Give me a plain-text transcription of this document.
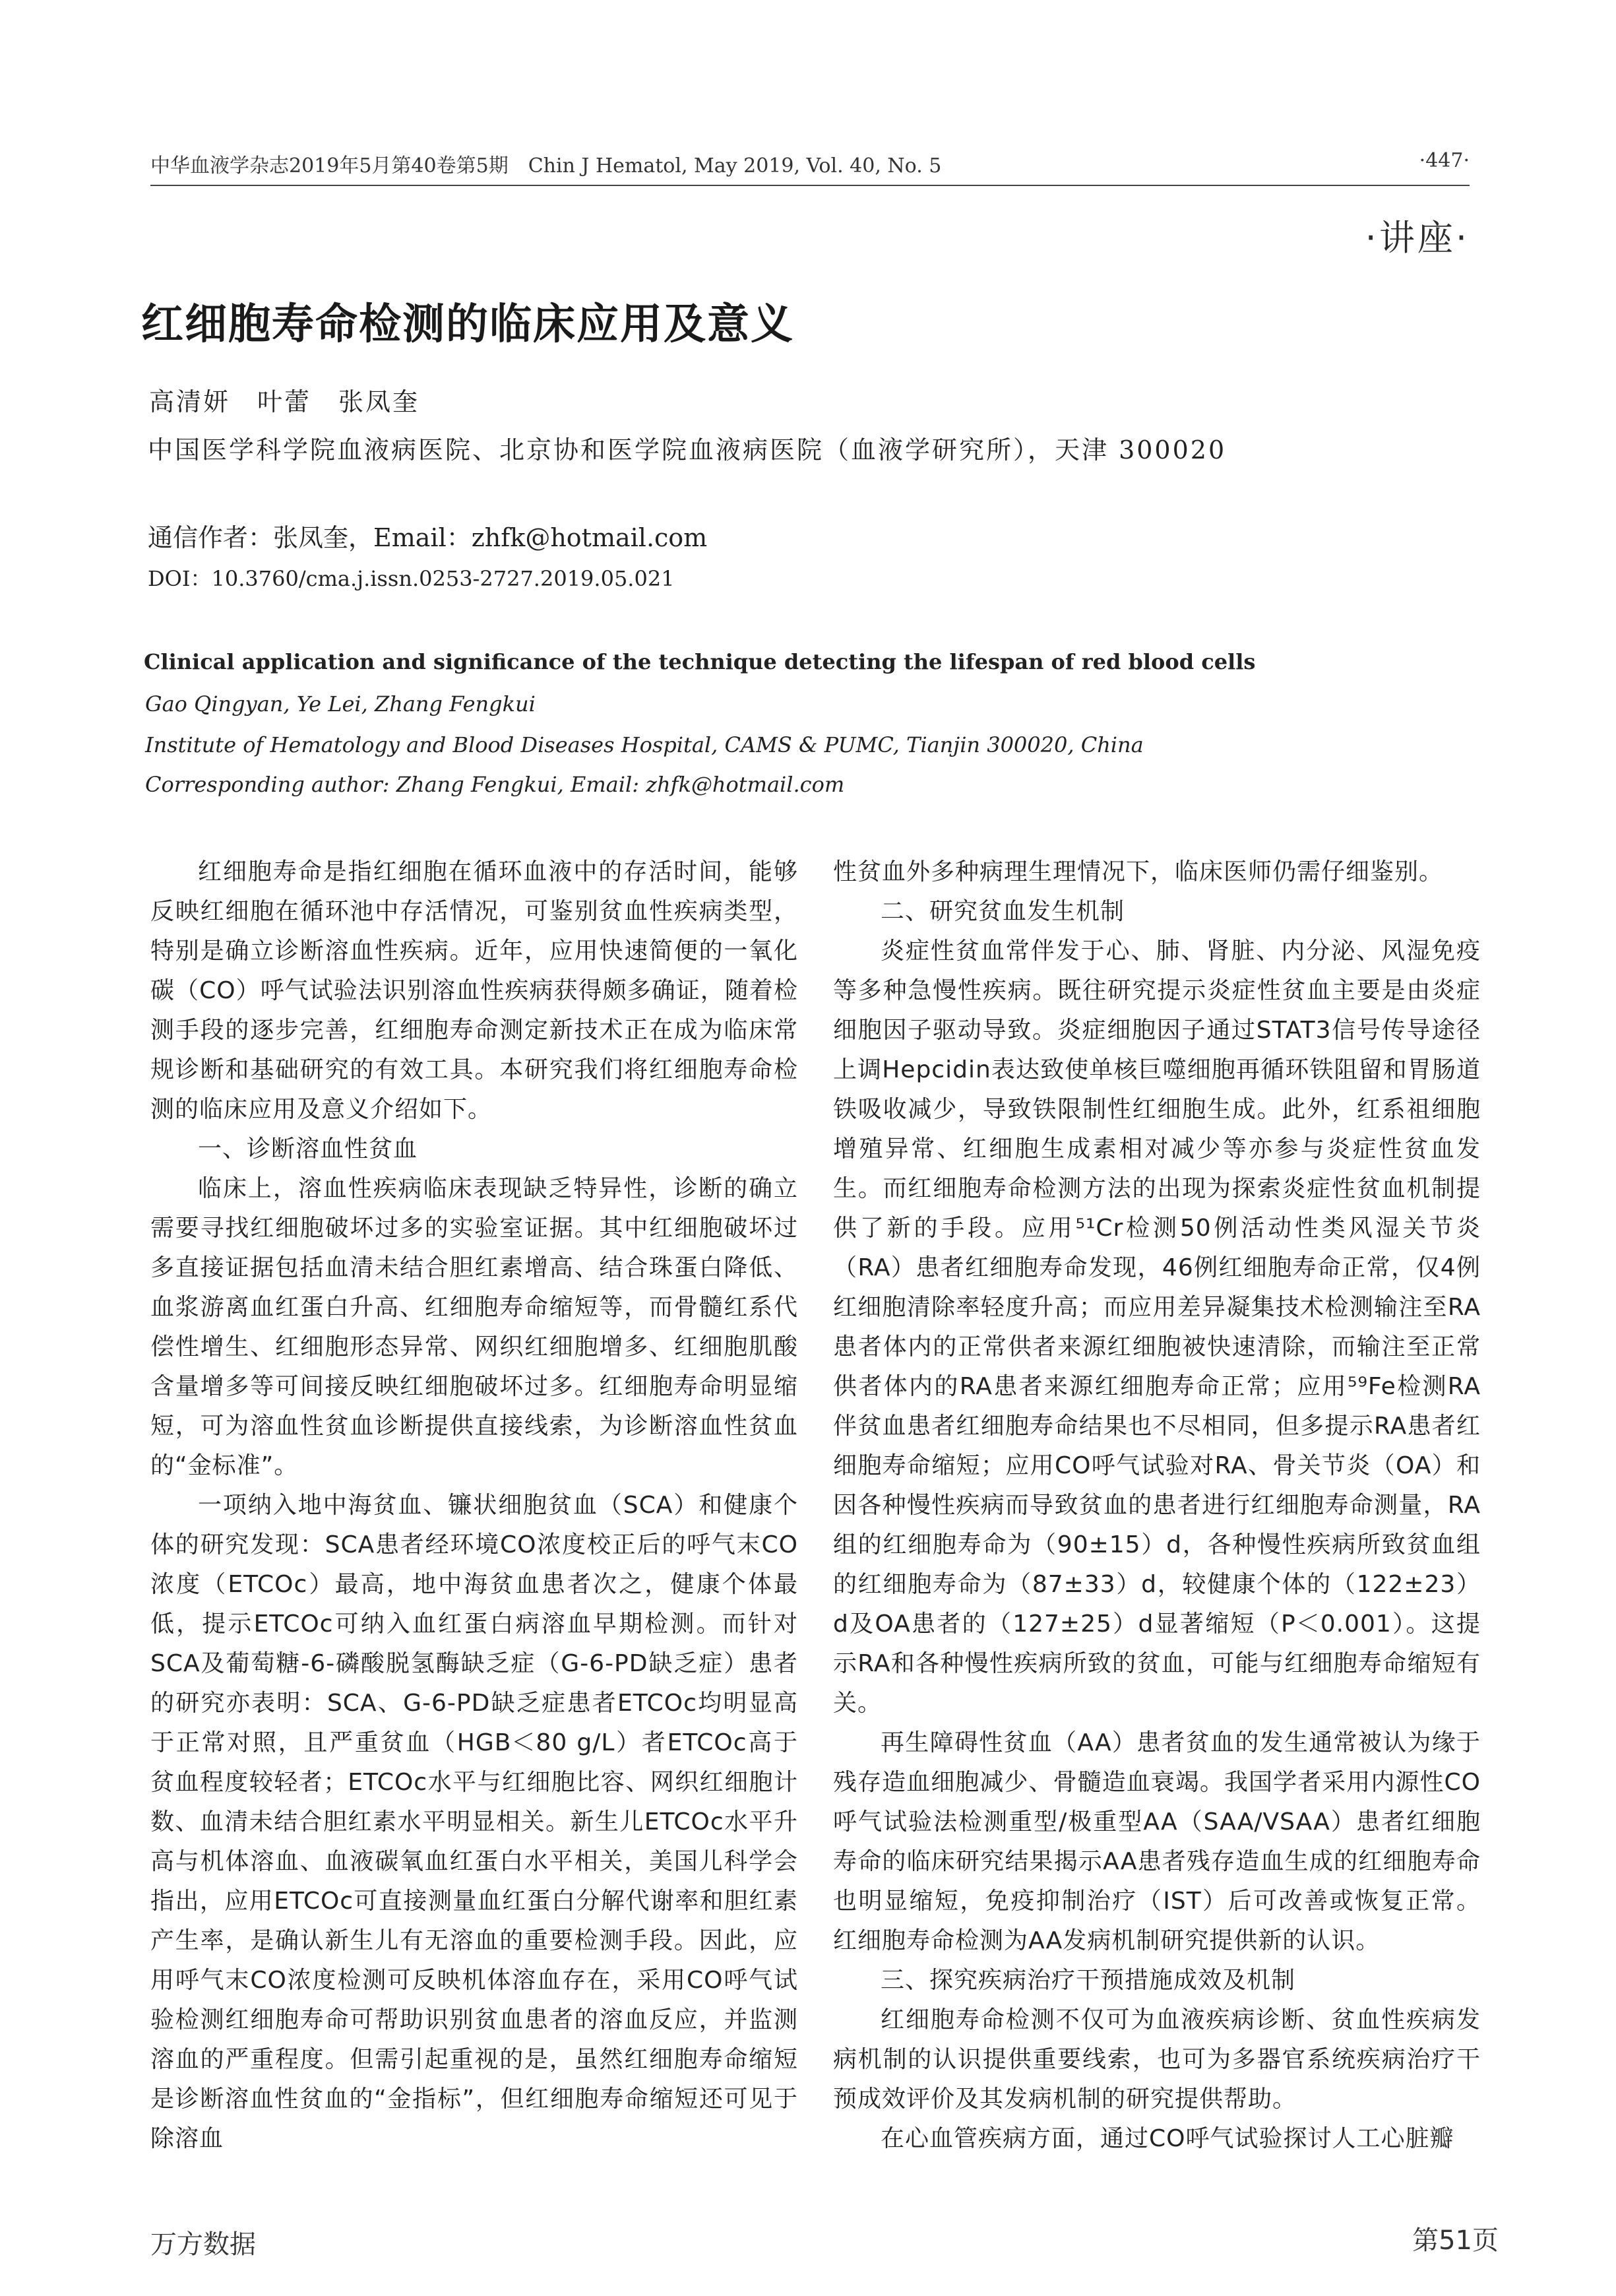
中华血液学杂志2019年5月第40卷第5期　Chin J Hematol, May 2019, Vol. 40, No. 5	·447·
·讲座·
红细胞寿命检测的临床应用及意义
高清妍　叶蕾　张凤奎
中国医学科学院血液病医院、北京协和医学院血液病医院（血液学研究所），天津 300020
通信作者：张凤奎，Email：zhfk@hotmail.com
DOI：10.3760/cma.j.issn.0253-2727.2019.05.021
Clinical application and significance of the technique detecting the lifespan of red blood cells
Gao Qingyan, Ye Lei, Zhang Fengkui
Institute of Hematology and Blood Diseases Hospital, CAMS & PUMC, Tianjin 300020, China
Corresponding author: Zhang Fengkui, Email: zhfk@hotmail.com

红细胞寿命是指红细胞在循环血液中的存活时间，能够反映红细胞在循环池中存活情况，可鉴别贫血性疾病类型，特别是确立诊断溶血性疾病。近年，应用快速简便的一氧化碳（CO）呼气试验法识别溶血性疾病获得颇多确证，随着检测手段的逐步完善，红细胞寿命测定新技术正在成为临床常规诊断和基础研究的有效工具。本研究我们将红细胞寿命检测的临床应用及意义介绍如下。

一、诊断溶血性贫血

临床上，溶血性疾病临床表现缺乏特异性，诊断的确立需要寻找红细胞破坏过多的实验室证据。其中红细胞破坏过多直接证据包括血清未结合胆红素增高、结合珠蛋白降低、血浆游离血红蛋白升高、红细胞寿命缩短等，而骨髓红系代偿性增生、红细胞形态异常、网织红细胞增多、红细胞肌酸含量增多等可间接反映红细胞破坏过多。红细胞寿命明显缩短，可为溶血性贫血诊断提供直接线索，为诊断溶血性贫血的“金标准”。

一项纳入地中海贫血、镰状细胞贫血（SCA）和健康个体的研究发现：SCA患者经环境CO浓度校正后的呼气末CO浓度（ETCOc）最高，地中海贫血患者次之，健康个体最低，提示ETCOc可纳入血红蛋白病溶血早期检测。而针对SCA及葡萄糖-6-磷酸脱氢酶缺乏症（G-6-PD缺乏症）患者的研究亦表明：SCA、G-6-PD缺乏症患者ETCOc均明显高于正常对照，且严重贫血（HGB＜80 g/L）者ETCOc高于贫血程度较轻者；ETCOc水平与红细胞比容、网织红细胞计数、血清未结合胆红素水平明显相关。新生儿ETCOc水平升高与机体溶血、血液碳氧血红蛋白水平相关，美国儿科学会指出，应用ETCOc可直接测量血红蛋白分解代谢率和胆红素产生率，是确认新生儿有无溶血的重要检测手段。因此，应用呼气末CO浓度检测可反映机体溶血存在，采用CO呼气试验检测红细胞寿命可帮助识别贫血患者的溶血反应，并监测溶血的严重程度。但需引起重视的是，虽然红细胞寿命缩短是诊断溶血性贫血的“金指标”，但红细胞寿命缩短还可见于除溶血

性贫血外多种病理生理情况下，临床医师仍需仔细鉴别。

二、研究贫血发生机制

炎症性贫血常伴发于心、肺、肾脏、内分泌、风湿免疫等多种急慢性疾病。既往研究提示炎症性贫血主要是由炎症细胞因子驱动导致。炎症细胞因子通过STAT3信号传导途径上调Hepcidin表达致使单核巨噬细胞再循环铁阻留和胃肠道铁吸收减少，导致铁限制性红细胞生成。此外，红系祖细胞增殖异常、红细胞生成素相对减少等亦参与炎症性贫血发生。而红细胞寿命检测方法的出现为探索炎症性贫血机制提供了新的手段。应用⁵¹Cr检测50例活动性类风湿关节炎（RA）患者红细胞寿命发现，46例红细胞寿命正常，仅4例红细胞清除率轻度升高；而应用差异凝集技术检测输注至RA患者体内的正常供者来源红细胞被快速清除，而输注至正常供者体内的RA患者来源红细胞寿命正常；应用⁵⁹Fe检测RA伴贫血患者红细胞寿命结果也不尽相同，但多提示RA患者红细胞寿命缩短；应用CO呼气试验对RA、骨关节炎（OA）和因各种慢性疾病而导致贫血的患者进行红细胞寿命测量，RA组的红细胞寿命为（90±15）d，各种慢性疾病所致贫血组的红细胞寿命为（87±33）d，较健康个体的（122±23）d及OA患者的（127±25）d显著缩短（P＜0.001）。这提示RA和各种慢性疾病所致的贫血，可能与红细胞寿命缩短有关。

再生障碍性贫血（AA）患者贫血的发生通常被认为缘于残存造血细胞减少、骨髓造血衰竭。我国学者采用内源性CO呼气试验法检测重型/极重型AA（SAA/VSAA）患者红细胞寿命的临床研究结果揭示AA患者残存造血生成的红细胞寿命也明显缩短，免疫抑制治疗（IST）后可改善或恢复正常。红细胞寿命检测为AA发病机制研究提供新的认识。

三、探究疾病治疗干预措施成效及机制

红细胞寿命检测不仅可为血液疾病诊断、贫血性疾病发病机制的认识提供重要线索，也可为多器官系统疾病治疗干预成效评价及其发病机制的研究提供帮助。

在心血管疾病方面，通过CO呼气试验探讨人工心脏瓣

万方数据	第51页
